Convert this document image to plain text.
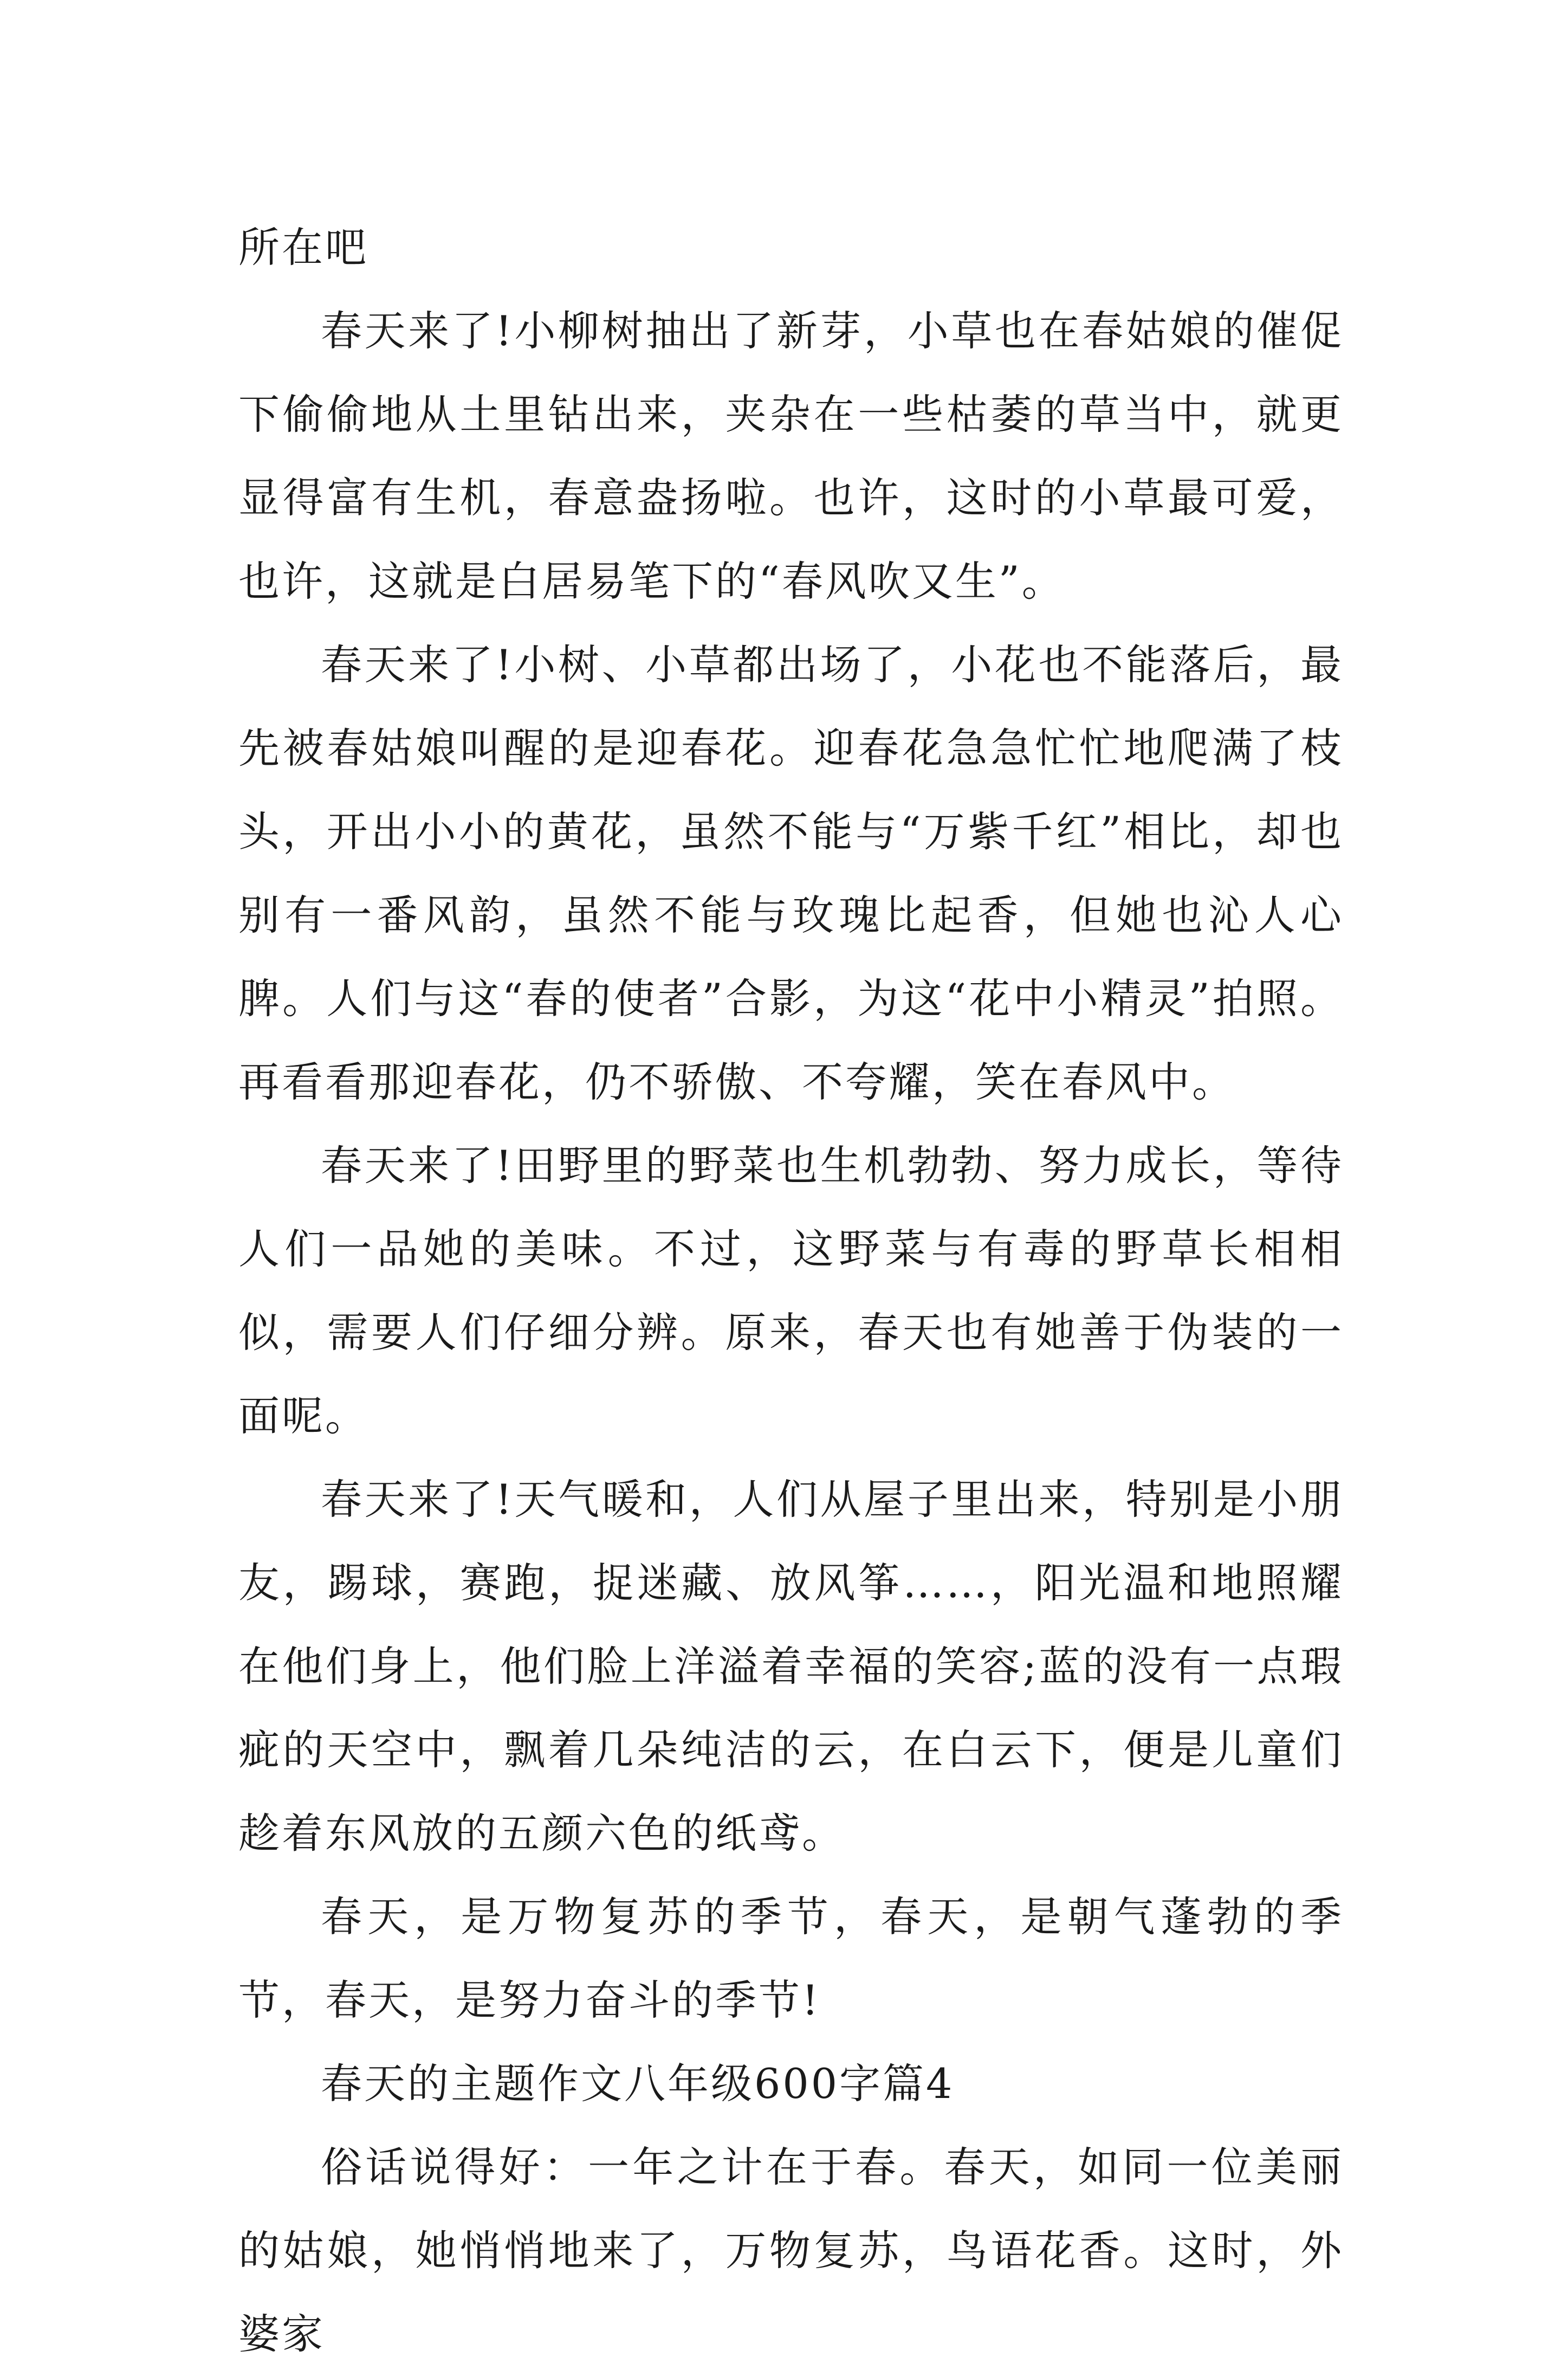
所在吧

春天来了!小柳树抽出了新芽，小草也在春姑娘的催促下偷偷地从土里钻出来，夹杂在一些枯萎的草当中，就更显得富有生机，春意盎扬啦。也许，这时的小草最可爱，也许，这就是白居易笔下的“春风吹又生”。

春天来了!小树、小草都出场了，小花也不能落后，最先被春姑娘叫醒的是迎春花。迎春花急急忙忙地爬满了枝头，开出小小的黄花，虽然不能与“万紫千红”相比，却也别有一番风韵，虽然不能与玫瑰比起香，但她也沁人心脾。人们与这“春的使者”合影，为这“花中小精灵”拍照。再看看那迎春花，仍不骄傲、不夸耀，笑在春风中。

春天来了!田野里的野菜也生机勃勃、努力成长，等待人们一品她的美味。不过，这野菜与有毒的野草长相相似，需要人们仔细分辨。原来，春天也有她善于伪装的一面呢。

春天来了!天气暖和，人们从屋子里出来，特别是小朋友，踢球，赛跑，捉迷藏、放风筝……，阳光温和地照耀在他们身上，他们脸上洋溢着幸福的笑容;蓝的没有一点瑕疵的天空中，飘着几朵纯洁的云，在白云下，便是儿童们趁着东风放的五颜六色的纸鸢。

春天，是万物复苏的季节，春天，是朝气蓬勃的季节，春天，是努力奋斗的季节!

春天的主题作文八年级600字篇4

俗话说得好：一年之计在于春。春天，如同一位美丽的姑娘，她悄悄地来了，万物复苏，鸟语花香。这时，外婆家
